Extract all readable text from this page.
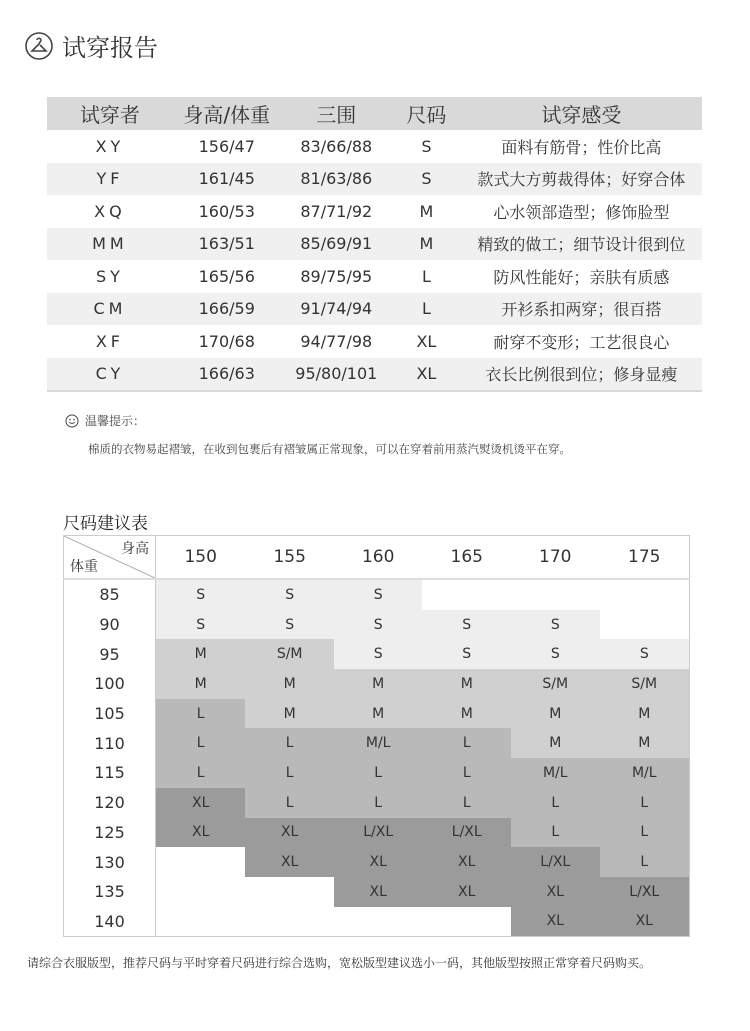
试穿报告
试穿者	身高/体重	三围	尺码	试穿感受
XY	156/47	83/66/88	S	面料有筋骨；性价比高
YF	161/45	81/63/86	S	款式大方剪裁得体；好穿合体
XQ	160/53	87/71/92	M	心水领部造型；修饰脸型
MM	163/51	85/69/91	M	精致的做工；细节设计很到位
SY	165/56	89/75/95	L	防风性能好；亲肤有质感
CM	166/59	91/74/94	L	开衫系扣两穿；很百搭
XF	170/68	94/77/98	XL	耐穿不变形；工艺很良心
CY	166/63	95/80/101	XL	衣长比例很到位；修身显瘦
温馨提示：
棉质的衣物易起褶皱，在收到包裹后有褶皱属正常现象，可以在穿着前用蒸汽熨烫机烫平在穿。
尺码建议表
身高
体重	150	155	160	165	170	175
85	S	S	S			
90	S	S	S	S	S	
95	M	S/M	S	S	S	S
100	M	M	M	M	S/M	S/M
105	L	M	M	M	M	M
110	L	L	M/L	L	M	M
115	L	L	L	L	M/L	M/L
120	XL	L	L	L	L	L
125	XL	XL	L/XL	L/XL	L	L
130		XL	XL	XL	L/XL	L
135			XL	XL	XL	L/XL
140					XL	XL
请综合衣服版型，推荐尺码与平时穿着尺码进行综合选购，宽松版型建议选小一码，其他版型按照正常穿着尺码购买。
